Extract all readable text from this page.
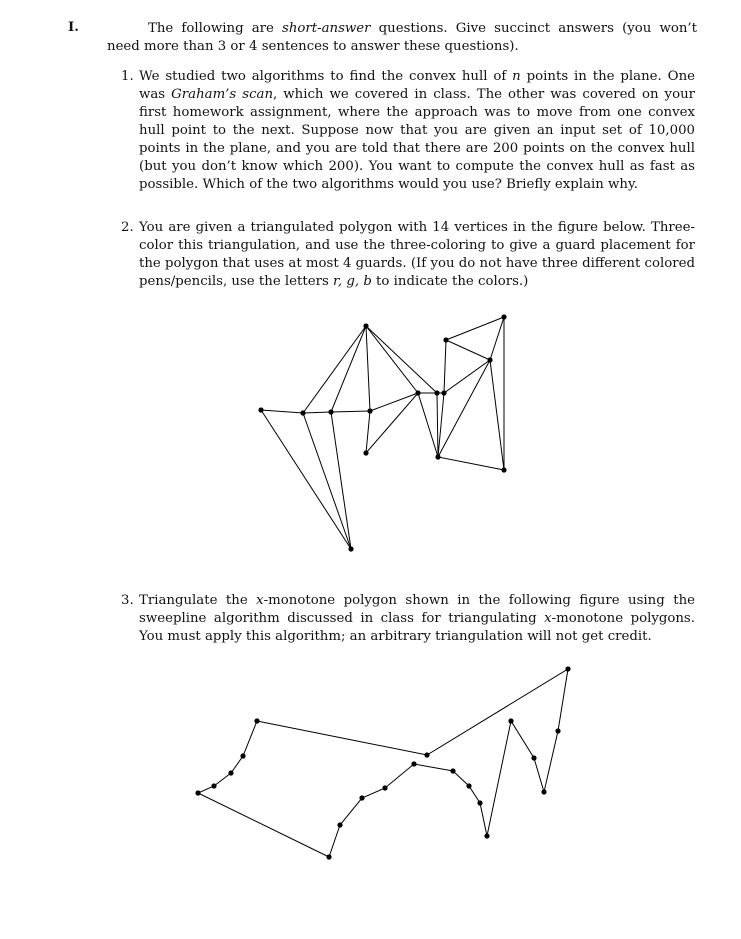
I.	The following are short-answer questions. Give succinct answers (you won’t need more than 3 or 4 sentences to answer these questions).
1. We studied two algorithms to find the convex hull of n points in the plane. One was Graham’s scan, which we covered in class. The other was covered on your first homework assignment, where the approach was to move from one convex hull point to the next. Suppose now that you are given an input set of 10,000 points in the plane, and you are told that there are 200 points on the convex hull (but you don’t know which 200). You want to compute the convex hull as fast as possible. Which of the two algorithms would you use? Briefly explain why.
2. You are given a triangulated polygon with 14 vertices in the figure below. Three-color this triangulation, and use the three-coloring to give a guard placement for the polygon that uses at most 4 guards. (If you do not have three different colored pens/pencils, use the letters r, g, b to indicate the colors.)
3. Triangulate the x-monotone polygon shown in the following figure using the sweepline algorithm discussed in class for triangulating x-monotone polygons. You must apply this algorithm; an arbitrary triangulation will not get credit.
